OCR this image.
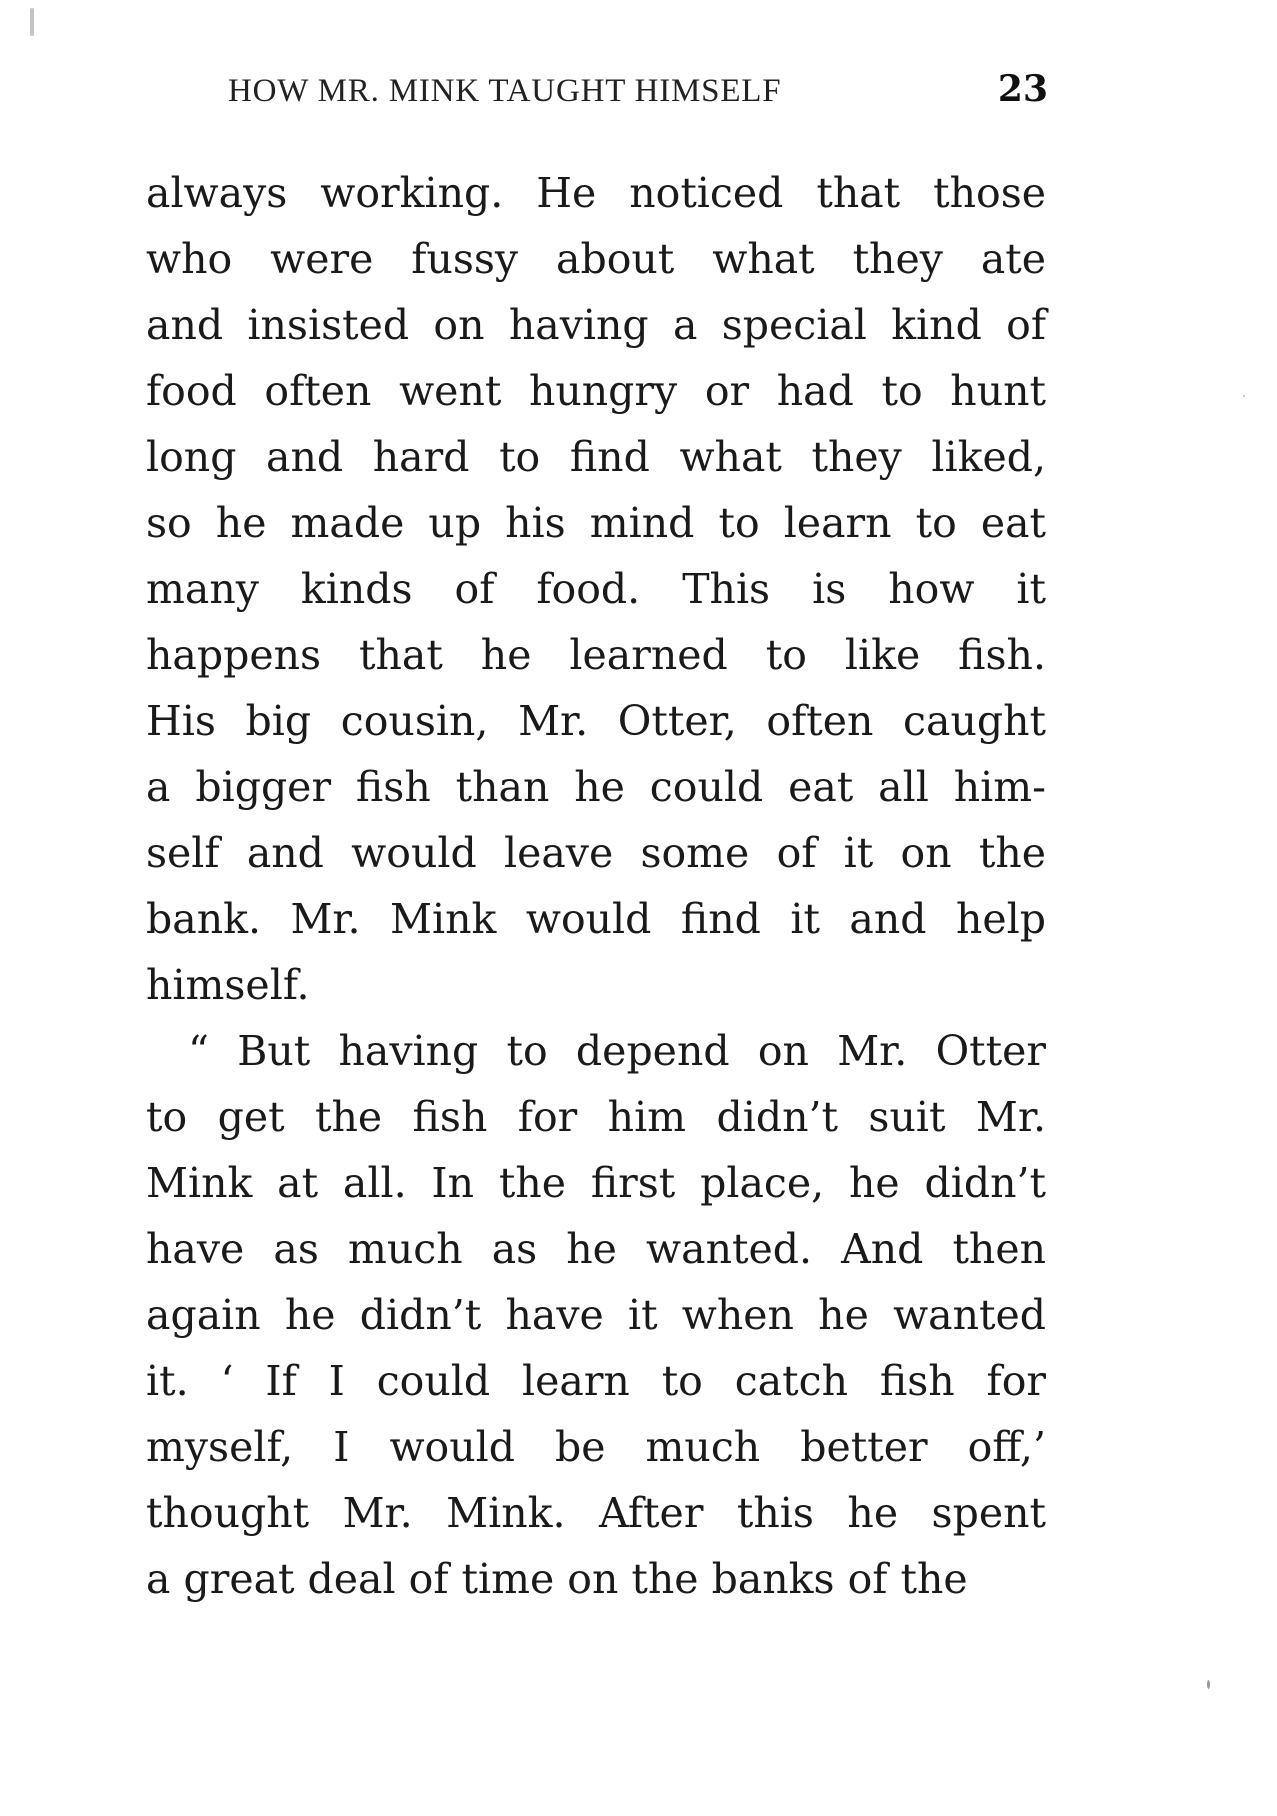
HOW MR. MINK TAUGHT HIMSELF	23
always working. He noticed that those
who were fussy about what they ate
and insisted on having a special kind of
food often went hungry or had to hunt
long and hard to find what they liked,
so he made up his mind to learn to eat
many kinds of food. This is how it
happens that he learned to like fish.
His big cousin, Mr. Otter, often caught
a bigger fish than he could eat all him-
self and would leave some of it on the
bank. Mr. Mink would find it and help
himself.
“ But having to depend on Mr. Otter
to get the fish for him didn’t suit Mr.
Mink at all. In the first place, he didn’t
have as much as he wanted. And then
again he didn’t have it when he wanted
it. ‘ If I could learn to catch fish for
myself, I would be much better off,’
thought Mr. Mink. After this he spent
a great deal of time on the banks of the
